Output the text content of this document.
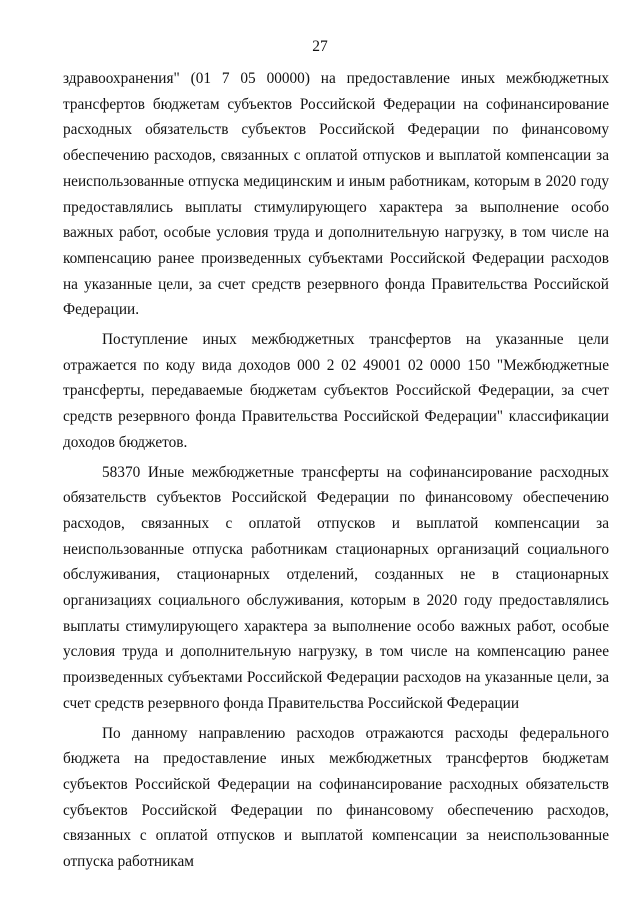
27

здравоохранения" (01 7 05 00000) на предоставление иных межбюджетных трансфертов бюджетам субъектов Российской Федерации на софинансирование расходных обязательств субъектов Российской Федерации по финансовому обеспечению расходов, связанных с оплатой отпусков и выплатой компенсации за неиспользованные отпуска медицинским и иным работникам, которым в 2020 году предоставлялись выплаты стимулирующего характера за выполнение особо важных работ, особые условия труда и дополнительную нагрузку, в том числе на компенсацию ранее произведенных субъектами Российской Федерации расходов на указанные цели, за счет средств резервного фонда Правительства Российской Федерации.

Поступление иных межбюджетных трансфертов на указанные цели отражается по коду вида доходов 000 2 02 49001 02 0000 150 "Межбюджетные трансферты, передаваемые бюджетам субъектов Российской Федерации, за счет средств резервного фонда Правительства Российской Федерации" классификации доходов бюджетов.

58370 Иные межбюджетные трансферты на софинансирование расходных обязательств субъектов Российской Федерации по финансовому обеспечению расходов, связанных с оплатой отпусков и выплатой компенсации за неиспользованные отпуска работникам стационарных организаций социального обслуживания, стационарных отделений, созданных не в стационарных организациях социального обслуживания, которым в 2020 году предоставлялись выплаты стимулирующего характера за выполнение особо важных работ, особые условия труда и дополнительную нагрузку, в том числе на компенсацию ранее произведенных субъектами Российской Федерации расходов на указанные цели, за счет средств резервного фонда Правительства Российской Федерации

По данному направлению расходов отражаются расходы федерального бюджета на предоставление иных межбюджетных трансфертов бюджетам субъектов Российской Федерации на софинансирование расходных обязательств субъектов Российской Федерации по финансовому обеспечению расходов, связанных с оплатой отпусков и выплатой компенсации за неиспользованные отпуска работникам
